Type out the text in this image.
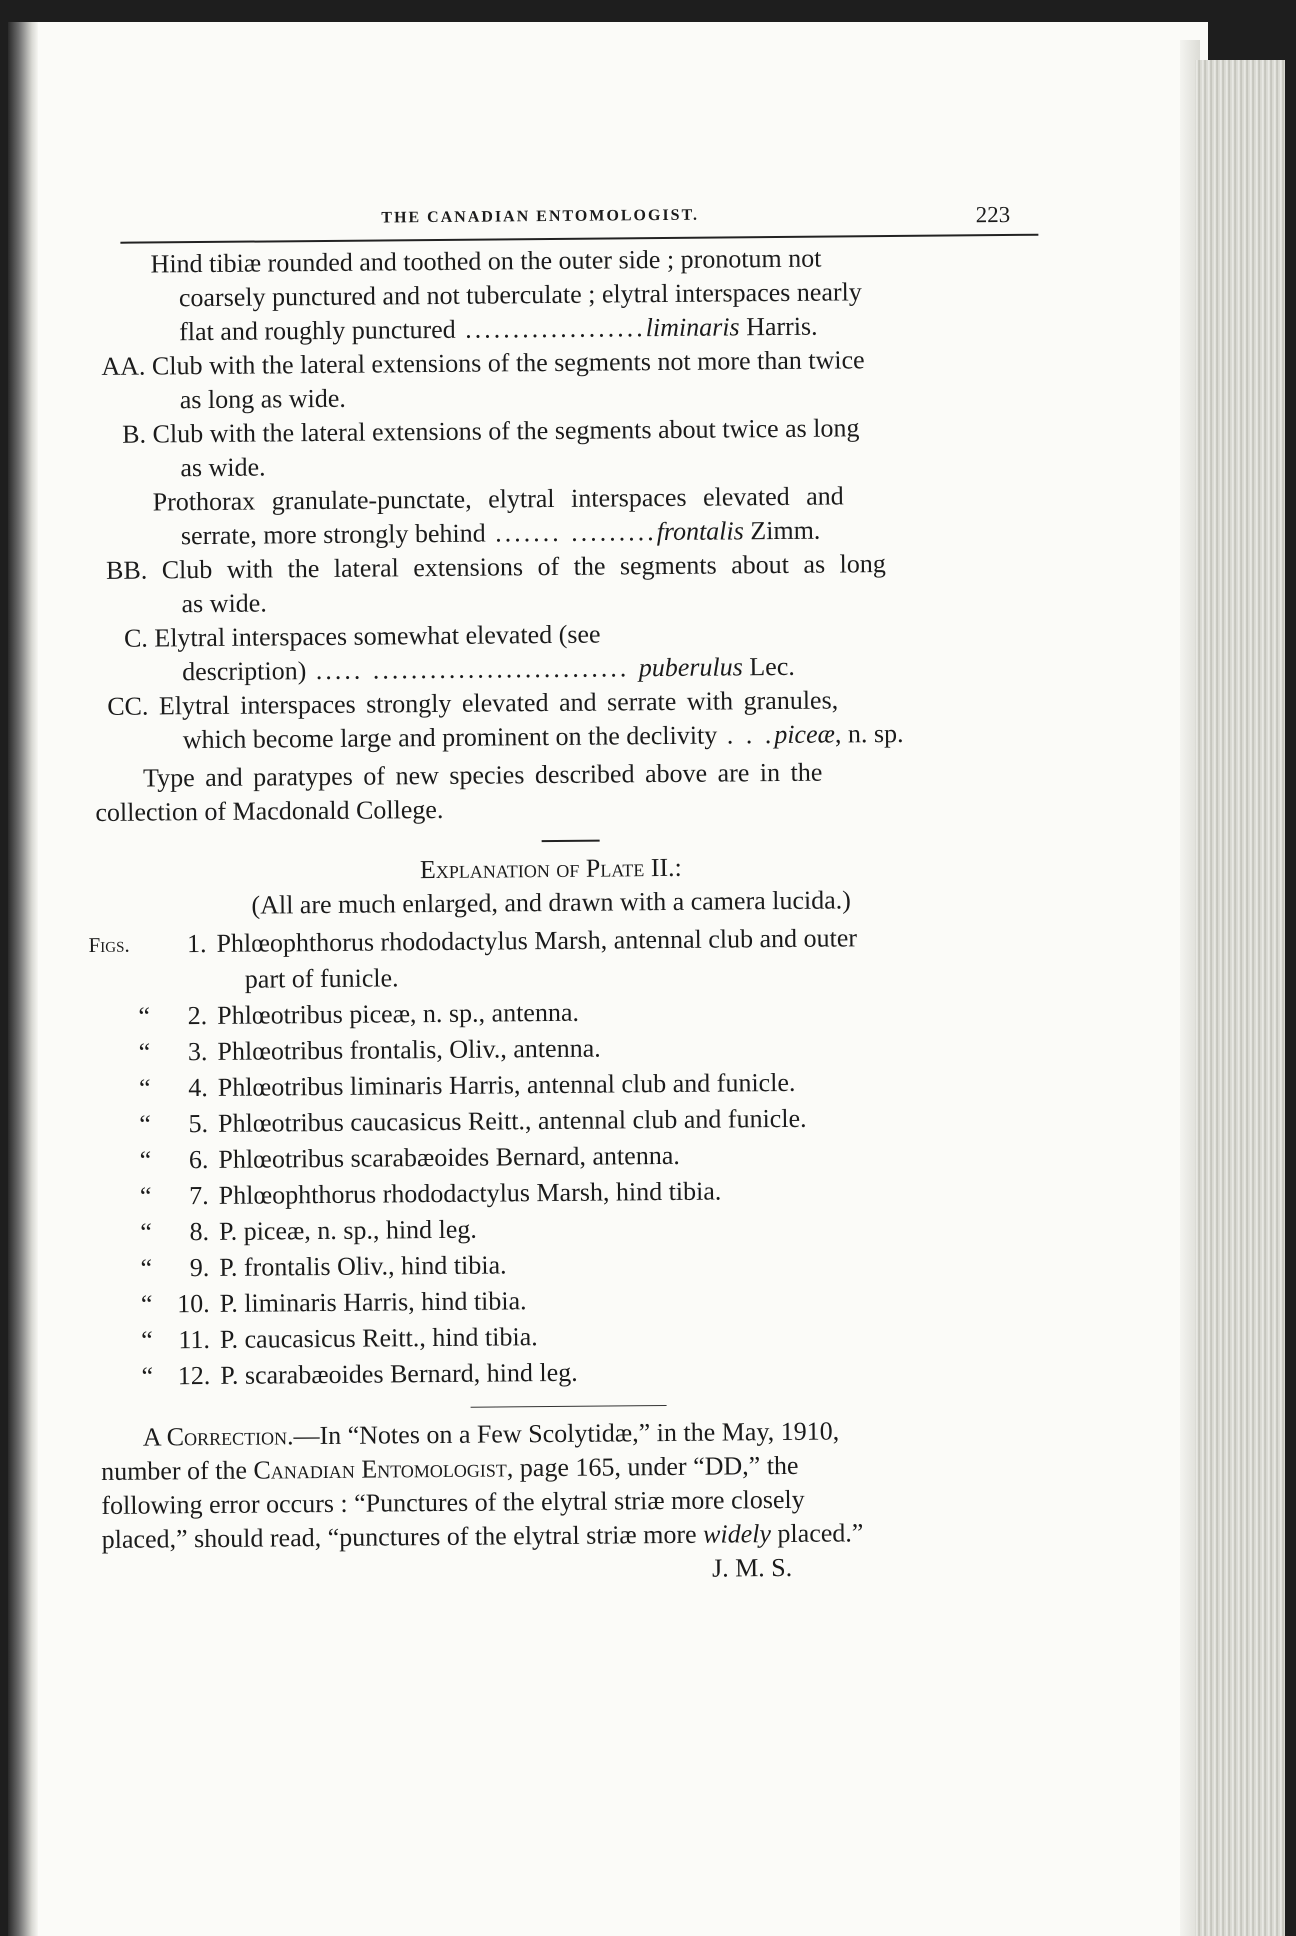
THE CANADIAN ENTOMOLOGIST.	223
Hind tibiæ rounded and toothed on the outer side ; pronotum not
coarsely punctured and not tuberculate ; elytral interspaces nearly
flat and roughly punctured ...................liminaris Harris.
AA. Club with the lateral extensions of the segments not more than twice
as long as wide.
B. Club with the lateral extensions of the segments about twice as long
as wide.
Prothorax granulate-punctate, elytral interspaces elevated and
serrate, more strongly behind ....... .........frontalis Zimm.
BB. Club with the lateral extensions of the segments about as long
as wide.
C. Elytral interspaces somewhat elevated (see
description) ..... ........................... puberulus Lec.
CC. Elytral interspaces strongly elevated and serrate with granules,
which become large and prominent on the declivity . . .piceæ, n. sp.
Type and paratypes of new species described above are in the
collection of Macdonald College.
Explanation of Plate II.:
(All are much enlarged, and drawn with a camera lucida.)
Figs.	1. Phlœophthorus rhododactylus Marsh, antennal club and outer
part of funicle.
“	2. Phlœotribus piceæ, n. sp., antenna.
“	3. Phlœotribus frontalis, Oliv., antenna.
“	4. Phlœotribus liminaris Harris, antennal club and funicle.
“	5. Phlœotribus caucasicus Reitt., antennal club and funicle.
“	6. Phlœotribus scarabæoides Bernard, antenna.
“	7. Phlœophthorus rhododactylus Marsh, hind tibia.
“	8. P. piceæ, n. sp., hind leg.
“	9. P. frontalis Oliv., hind tibia.
“ 10. P. liminaris Harris, hind tibia.
“ 11. P. caucasicus Reitt., hind tibia.
“ 12. P. scarabæoides Bernard, hind leg.
A Correction.—In “Notes on a Few Scolytidæ,” in the May, 1910,
number of the Canadian Entomologist, page 165, under “DD,” the
following error occurs : “Punctures of the elytral striæ more closely
placed,” should read, “punctures of the elytral striæ more widely placed.”
J. M. S.
